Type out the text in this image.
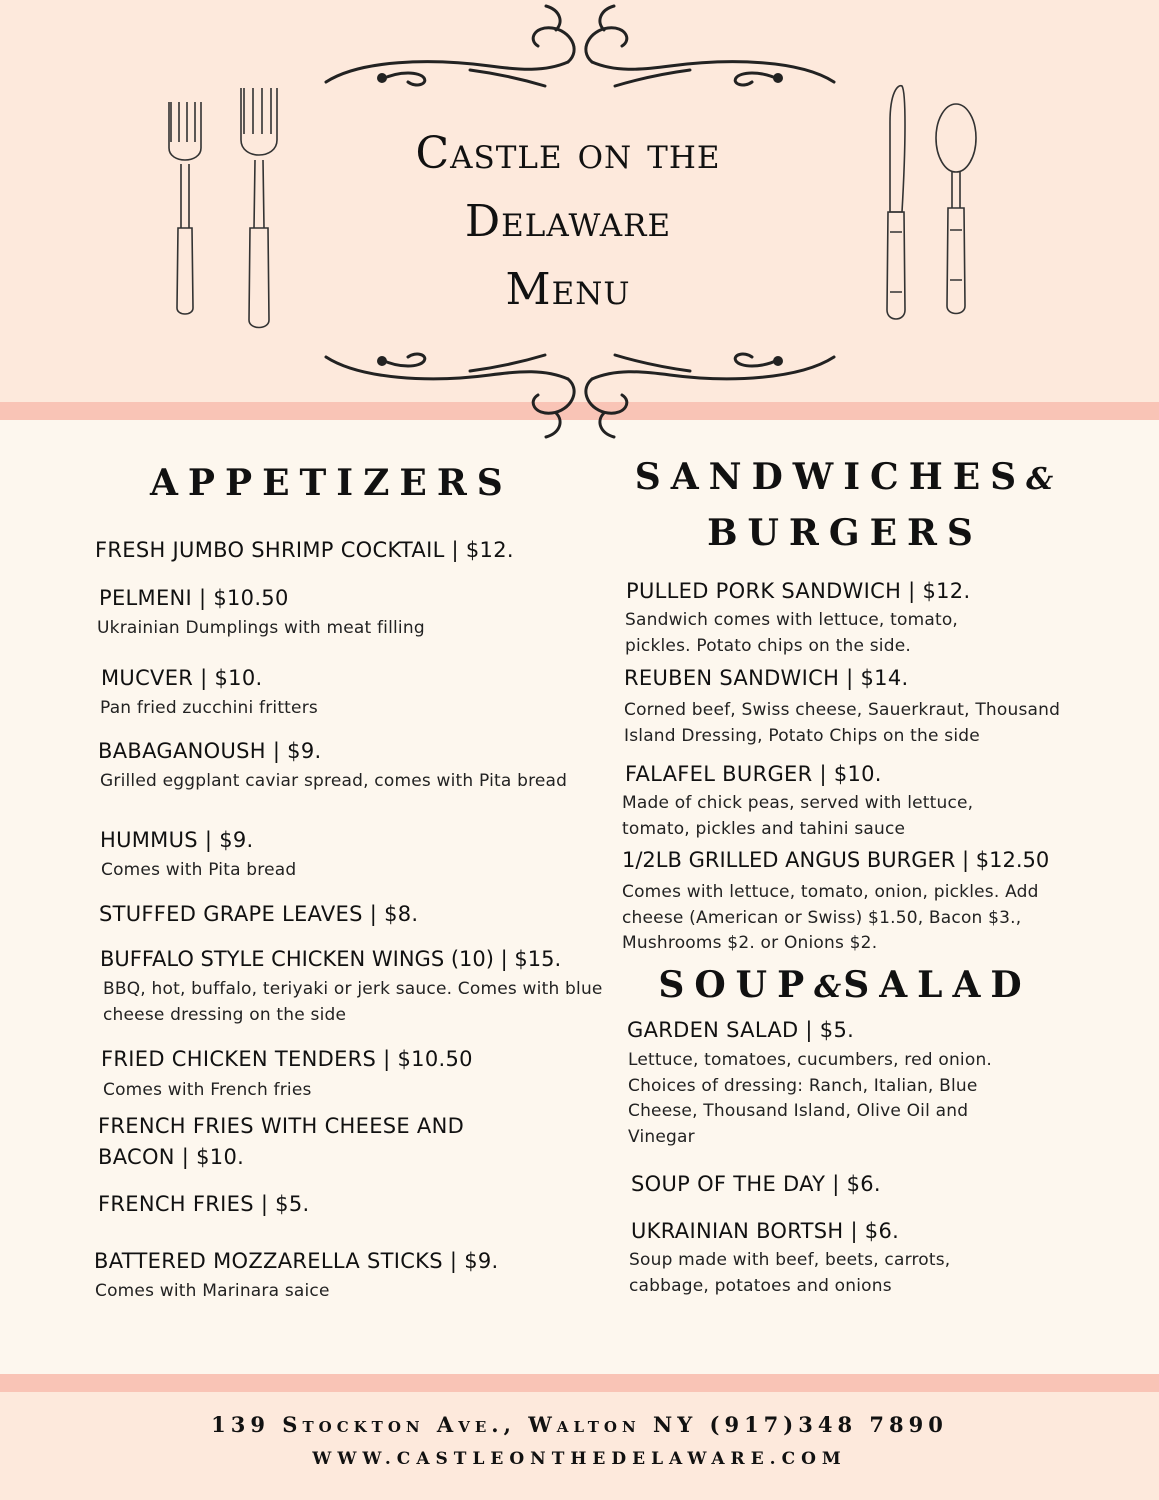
Castle on the
Delaware
Menu
APPETIZERS
FRESH JUMBO SHRIMP COCKTAIL | $12.
PELMENI | $10.50
Ukrainian Dumplings with meat filling
MUCVER | $10.
Pan fried zucchini fritters
BABAGANOUSH | $9.
Grilled eggplant caviar spread, comes with Pita bread
HUMMUS | $9.
Comes with Pita bread
STUFFED GRAPE LEAVES | $8.
BUFFALO STYLE CHICKEN WINGS (10) | $15.
BBQ, hot, buffalo, teriyaki or jerk sauce. Comes with blue cheese dressing on the side
FRIED CHICKEN TENDERS | $10.50
Comes with French fries
FRENCH FRIES WITH CHEESE AND BACON | $10.
FRENCH FRIES | $5.
BATTERED MOZZARELLA STICKS | $9.
Comes with Marinara saice
SANDWICHES&
BURGERS
PULLED PORK SANDWICH | $12.
Sandwich comes with lettuce, tomato, pickles. Potato chips on the side.
REUBEN SANDWICH | $14.
Corned beef, Swiss cheese, Sauerkraut, Thousand Island Dressing, Potato Chips on the side
FALAFEL BURGER | $10.
Made of chick peas, served with lettuce, tomato, pickles and tahini sauce
1/2LB GRILLED ANGUS BURGER | $12.50
Comes with lettuce, tomato, onion, pickles. Add cheese (American or Swiss) $1.50, Bacon $3., Mushrooms $2. or Onions $2.
SOUP&SALAD
GARDEN SALAD | $5.
Lettuce, tomatoes, cucumbers, red onion. Choices of dressing: Ranch, Italian, Blue Cheese, Thousand Island, Olive Oil and Vinegar
SOUP OF THE DAY | $6.
UKRAINIAN BORTSH | $6.
Soup made with beef, beets, carrots, cabbage, potatoes and onions
139 Stockton Ave., Walton NY (917)348 7890
WWW.CASTLEONTHEDELAWARE.COM
